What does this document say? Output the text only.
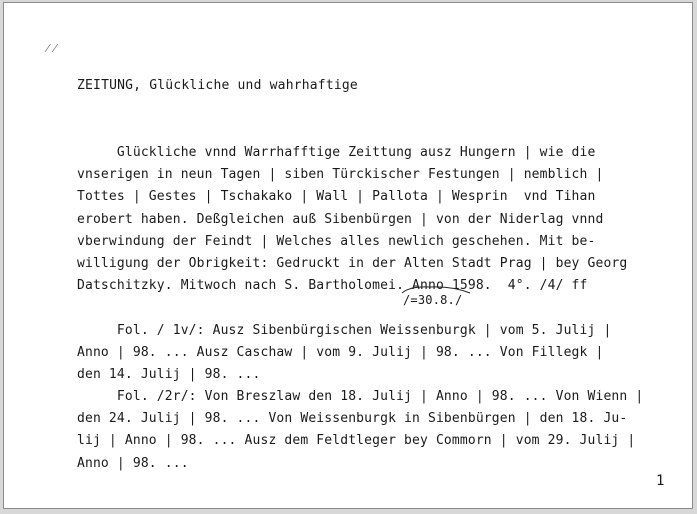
⁄⁄
ZEITUNG, Glückliche und wahrhaftige
Glückliche vnnd Warrhafftige Zeittung ausz Hungern | wie die
vnserigen in neun Tagen | siben Türckischer Festungen | nemblich |
Tottes | Gestes | Tschakako | Wall | Pallota | Wesprin  vnd Tihan
erobert haben. Deßgleichen auß Sibenbürgen | von der Niderlag vnnd
vberwindung der Feindt | Welches alles newlich geschehen. Mit be-
willigung der Obrigkeit: Gedruckt in der Alten Stadt Prag | bey Georg
Datschitzky. Mitwoch nach S. Bartholomei. Anno 1598.  4°. /4/ ff
Fol. / 1v/: Ausz Sibenbürgischen Weissenburgk | vom 5. Julij |
Anno | 98. ... Ausz Caschaw | vom 9. Julij | 98. ... Von Fillegk |
den 14. Julij | 98. ...
Fol. /2r/: Von Breszlaw den 18. Julij | Anno | 98. ... Von Wienn |
den 24. Julij | 98. ... Von Weissenburgk in Sibenbürgen | den 18. Ju-
lij | Anno | 98. ... Ausz dem Feldtleger bey Commorn | vom 29. Julij |
Anno | 98. ...
/=30.8./
1
